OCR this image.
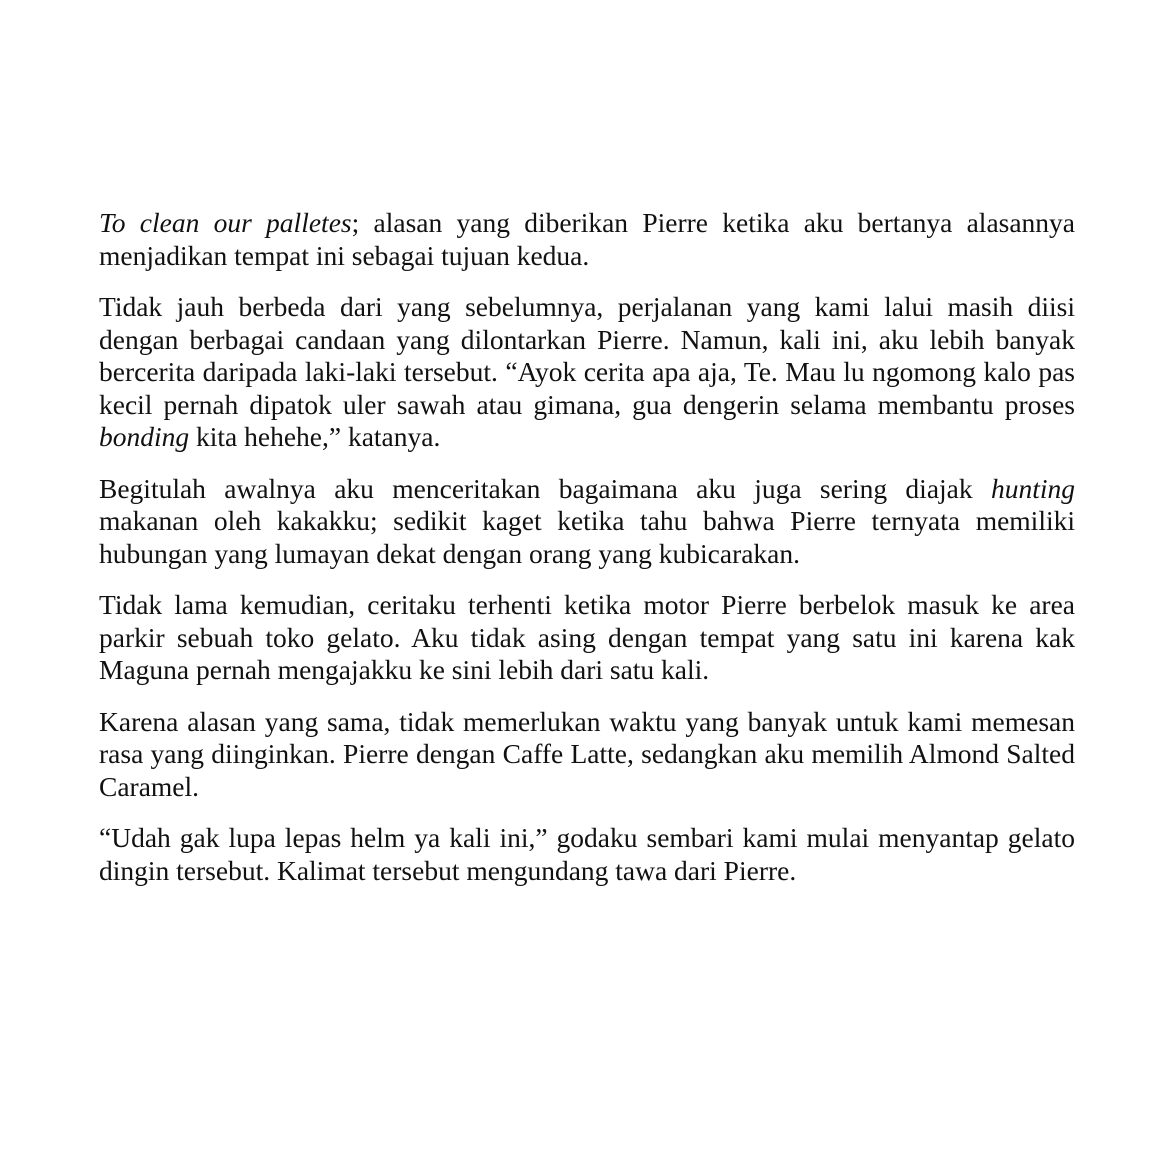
To clean our palletes; alasan yang diberikan Pierre ketika aku bertanya alasannya menjadikan tempat ini sebagai tujuan kedua.

Tidak jauh berbeda dari yang sebelumnya, perjalanan yang kami lalui masih diisi dengan berbagai candaan yang dilontarkan Pierre. Namun, kali ini, aku lebih banyak bercerita daripada laki-laki tersebut. “Ayok cerita apa aja, Te. Mau lu ngomong kalo pas kecil pernah dipatok uler sawah atau gimana, gua dengerin selama membantu proses bonding kita hehehe,” katanya.

Begitulah awalnya aku menceritakan bagaimana aku juga sering diajak hunting makanan oleh kakakku; sedikit kaget ketika tahu bahwa Pierre ternyata memiliki hubungan yang lumayan dekat dengan orang yang kubicarakan.

Tidak lama kemudian, ceritaku terhenti ketika motor Pierre berbelok masuk ke area parkir sebuah toko gelato. Aku tidak asing dengan tempat yang satu ini karena kak Maguna pernah mengajakku ke sini lebih dari satu kali.

Karena alasan yang sama, tidak memerlukan waktu yang banyak untuk kami memesan rasa yang diinginkan. Pierre dengan Caffe Latte, sedangkan aku memilih Almond Salted Caramel.

“Udah gak lupa lepas helm ya kali ini,” godaku sembari kami mulai menyantap gelato dingin tersebut. Kalimat tersebut mengundang tawa dari Pierre.
